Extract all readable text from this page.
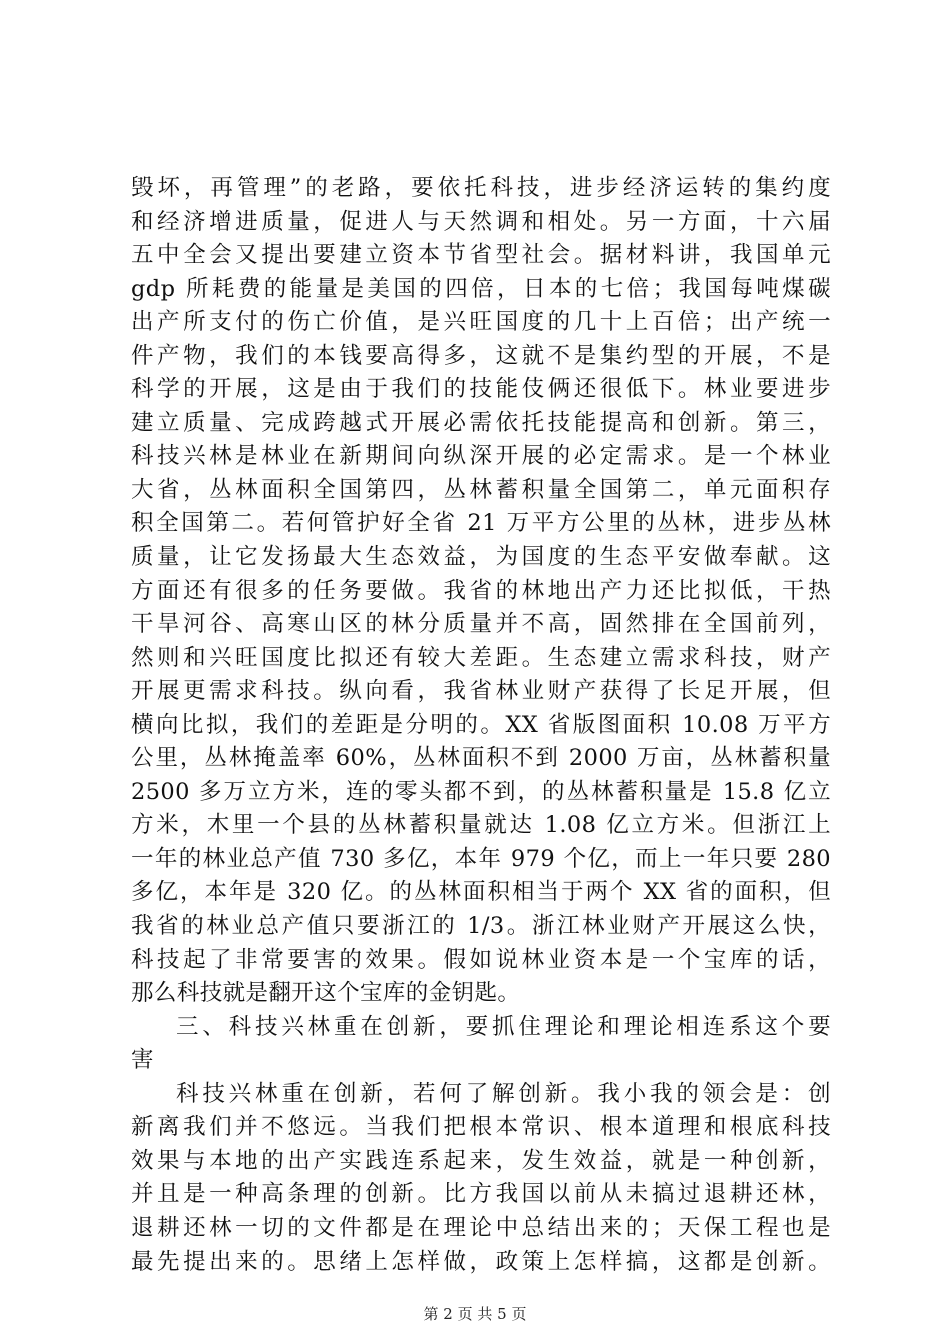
毁坏，再管理”的老路，要依托科技，进步经济运转的集约度
和经济增进质量，促进人与天然调和相处。另一方面，十六届
五中全会又提出要建立资本节省型社会。据材料讲，我国单元
gdp 所耗费的能量是美国的四倍，日本的七倍；我国每吨煤碳
出产所支付的伤亡价值，是兴旺国度的几十上百倍；出产统一
件产物，我们的本钱要高得多，这就不是集约型的开展，不是
科学的开展，这是由于我们的技能伎俩还很低下。林业要进步
建立质量、完成跨越式开展必需依托技能提高和创新。第三，
科技兴林是林业在新期间向纵深开展的必定需求。是一个林业
大省，丛林面积全国第四，丛林蓄积量全国第二，单元面积存
积全国第二。若何管护好全省 21 万平方公里的丛林，进步丛林
质量，让它发扬最大生态效益，为国度的生态平安做奉献。这
方面还有很多的任务要做。我省的林地出产力还比拟低，干热
干旱河谷、高寒山区的林分质量并不高，固然排在全国前列，
然则和兴旺国度比拟还有较大差距。生态建立需求科技，财产
开展更需求科技。纵向看，我省林业财产获得了长足开展，但
横向比拟，我们的差距是分明的。XX 省版图面积 10.08 万平方
公里，丛林掩盖率 60%，丛林面积不到 2000 万亩，丛林蓄积量
2500 多万立方米，连的零头都不到，的丛林蓄积量是 15.8 亿立
方米，木里一个县的丛林蓄积量就达 1.08 亿立方米。但浙江上
一年的林业总产值 730 多亿，本年 979 个亿，而上一年只要 280
多亿，本年是 320 亿。的丛林面积相当于两个 XX 省的面积，但
我省的林业总产值只要浙江的 1/3。浙江林业财产开展这么快，
科技起了非常要害的效果。假如说林业资本是一个宝库的话，
那么科技就是翻开这个宝库的金钥匙。
三、科技兴林重在创新，要抓住理论和理论相连系这个要
害
科技兴林重在创新，若何了解创新。我小我的领会是：创
新离我们并不悠远。当我们把根本常识、根本道理和根底科技
效果与本地的出产实践连系起来，发生效益，就是一种创新，
并且是一种高条理的创新。比方我国以前从未搞过退耕还林，
退耕还林一切的文件都是在理论中总结出来的；天保工程也是
最先提出来的。思绪上怎样做，政策上怎样搞，这都是创新。
第 2 页 共 5 页
